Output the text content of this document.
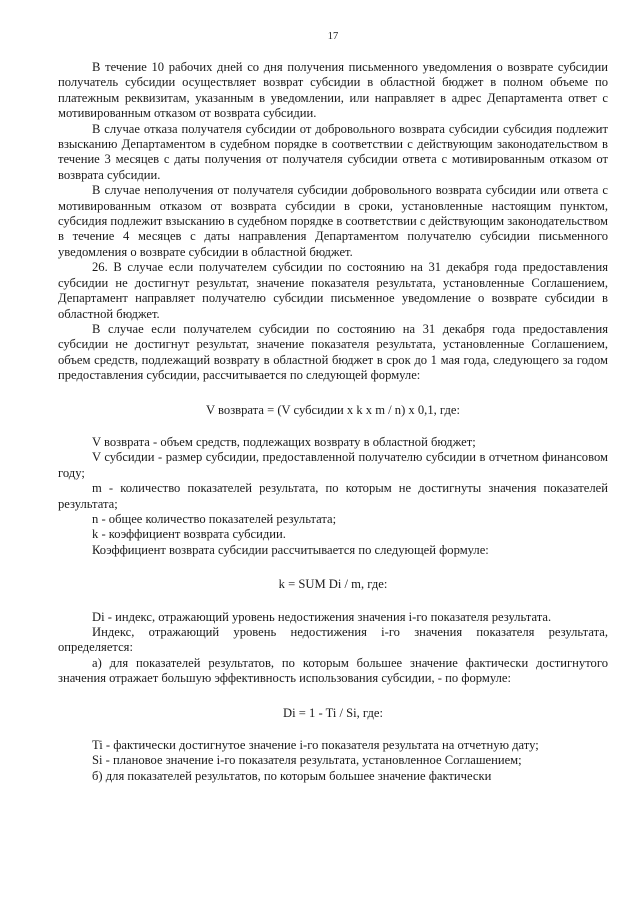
17

В течение 10 рабочих дней со дня получения письменного уведомления о возврате субсидии получатель субсидии осуществляет возврат субсидии в областной бюджет в полном объеме по платежным реквизитам, указанным в уведомлении, или направляет в адрес Департамента ответ с мотивированным отказом от возврата субсидии.

В случае отказа получателя субсидии от добровольного возврата субсидии субсидия подлежит взысканию Департаментом в судебном порядке в соответствии с действующим законодательством в течение 3 месяцев с даты получения от получателя субсидии ответа с мотивированным отказом от возврата субсидии.

В случае неполучения от получателя субсидии добровольного возврата субсидии или ответа с мотивированным отказом от возврата субсидии в сроки, установленные настоящим пунктом, субсидия подлежит взысканию в судебном порядке в соответствии с действующим законодательством в течение 4 месяцев с даты направления Департаментом получателю субсидии письменного уведомления о возврате субсидии в областной бюджет.

26. В случае если получателем субсидии по состоянию на 31 декабря года предоставления субсидии не достигнут результат, значение показателя результата, установленные Соглашением, Департамент направляет получателю субсидии письменное уведомление о возврате субсидии в областной бюджет.

В случае если получателем субсидии по состоянию на 31 декабря года предоставления субсидии не достигнут результат, значение показателя результата, установленные Соглашением, объем средств, подлежащий возврату в областной бюджет в срок до 1 мая года, следующего за годом предоставления субсидии, рассчитывается по следующей формуле:

V возврата = (V субсидии x k x m / n) x 0,1, где:

V возврата - объем средств, подлежащих возврату в областной бюджет;

V субсидии - размер субсидии, предоставленной получателю субсидии в отчетном финансовом году;

m - количество показателей результата, по которым не достигнуты значения показателей результата;

n - общее количество показателей результата;

k - коэффициент возврата субсидии.

Коэффициент возврата субсидии рассчитывается по следующей формуле:

k = SUM Di / m, где:

Di - индекс, отражающий уровень недостижения значения i-го показателя результата.

Индекс, отражающий уровень недостижения i-го значения показателя результата, определяется:

а) для показателей результатов, по которым большее значение фактически достигнутого значения отражает большую эффективность использования субсидии, - по формуле:

Di = 1 - Ti / Si, где:

Ti - фактически достигнутое значение i-го показателя результата на отчетную дату;

Si - плановое значение i-го показателя результата, установленное Соглашением;

б) для показателей результатов, по которым большее значение фактически
